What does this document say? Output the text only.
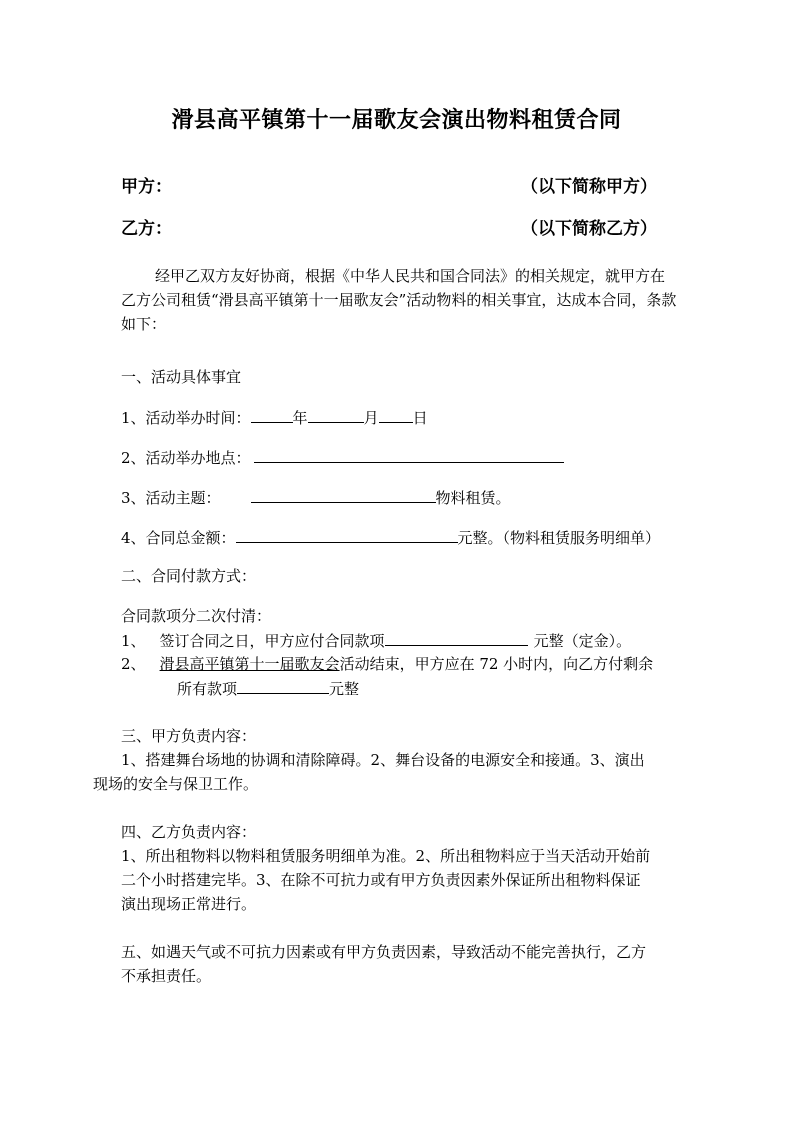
滑县高平镇第十一届歌友会演出物料租赁合同
甲方：	（以下简称甲方）
乙方：	（以下简称乙方）
经甲乙双方友好协商，根据《中华人民共和国合同法》的相关规定，就甲方在乙方公司租赁“滑县高平镇第十一届歌友会”活动物料的相关事宜，达成本合同，条款如下：
一、活动具体事宜
1、活动举办时间：	年	月 日
2、活动举办地点：
3、活动主题：	物料租赁。
4、合同总金额：	元整。（物料租赁服务明细单）
二、合同付款方式：
合同款项分二次付清：
1、 签订合同之日，甲方应付合同款项	元整（定金）。
2、 滑县高平镇第十一届歌友会活动结束，甲方应在 72 小时内，向乙方付剩余
所有款项	元整
三、甲方负责内容：
1、搭建舞台场地的协调和清除障碍。2、舞台设备的电源安全和接通。3、演出
现场的安全与保卫工作。
四、乙方负责内容：
1、所出租物料以物料租赁服务明细单为准。2、所出租物料应于当天活动开始前
二个小时搭建完毕。3、在除不可抗力或有甲方负责因素外保证所出租物料保证
演出现场正常进行。
五、如遇天气或不可抗力因素或有甲方负责因素，导致活动不能完善执行，乙方
不承担责任。
